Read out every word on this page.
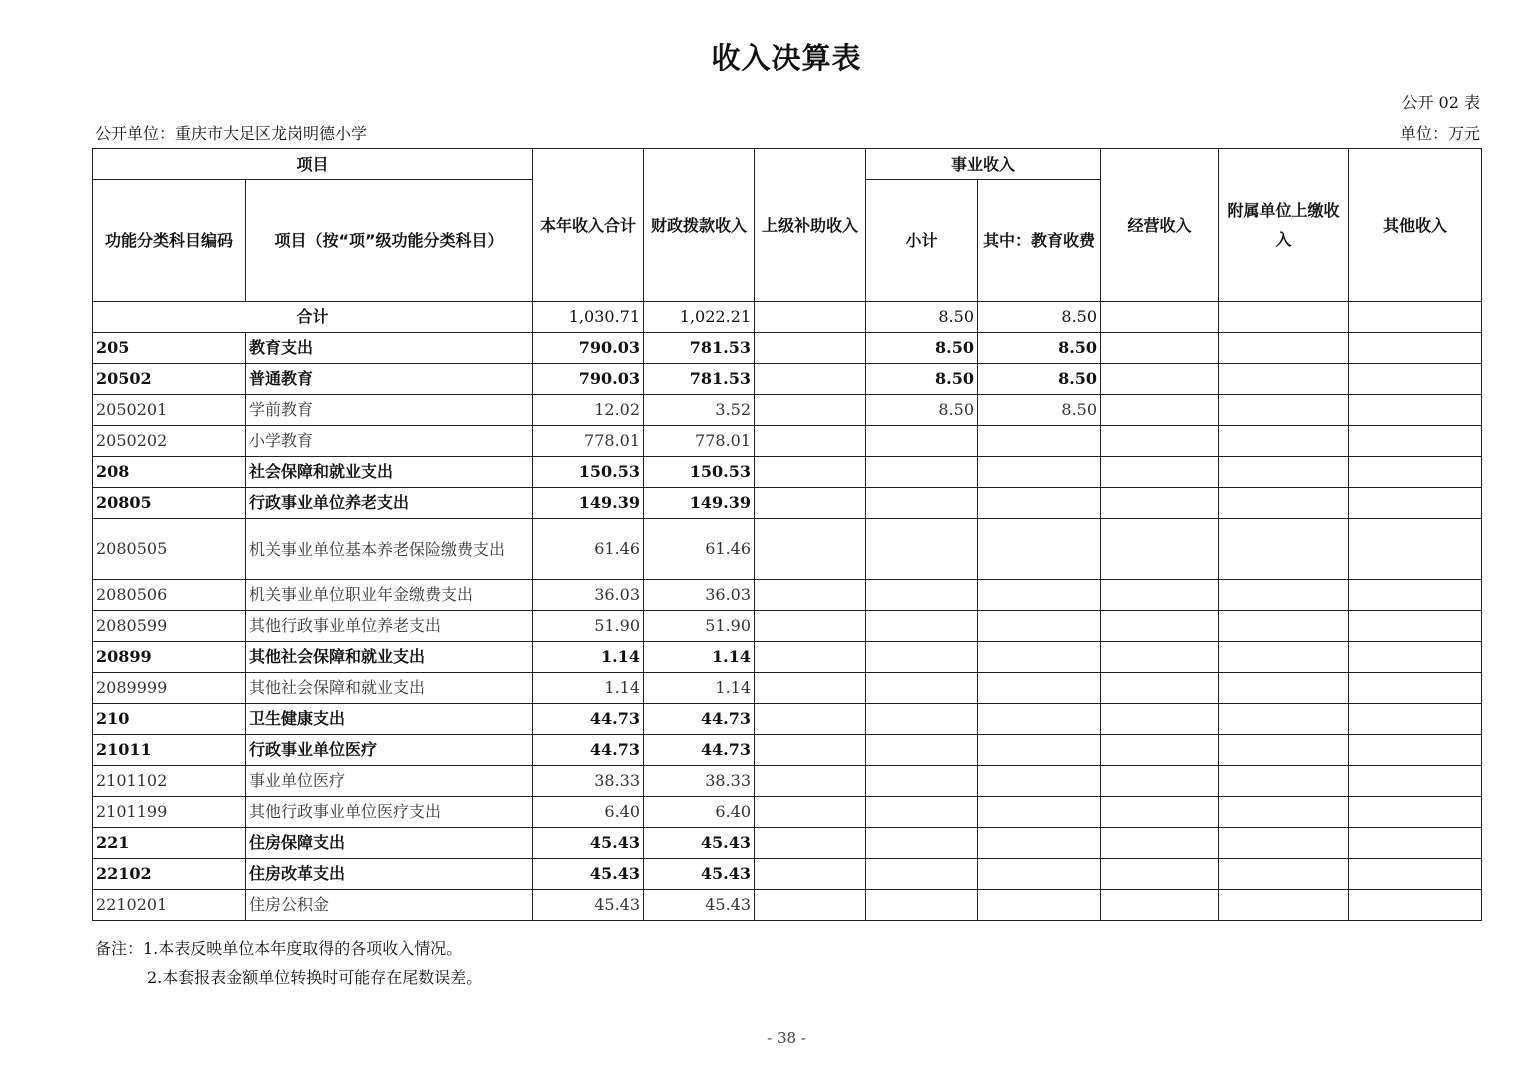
收入决算表
公开 02 表
公开单位：重庆市大足区龙岗明德小学	单位：万元
项目		本年收入合计	财政拨款收入	上级补助收入	事业收入		经营收入	附属单位上缴收入	其他收入
功能分类科目编码	项目（按“项”级功能分类科目）				小计	其中：教育收费			
合计		1,030.71	1,022.21		8.50	8.50			
205	教育支出	790.03	781.53		8.50	8.50			
20502	普通教育	790.03	781.53		8.50	8.50			
2050201	学前教育	12.02	3.52		8.50	8.50			
2050202	小学教育	778.01	778.01						
208	社会保障和就业支出	150.53	150.53						
20805	行政事业单位养老支出	149.39	149.39						
2080505	机关事业单位基本养老保险缴费支出	61.46	61.46						
2080506	机关事业单位职业年金缴费支出	36.03	36.03						
2080599	其他行政事业单位养老支出	51.90	51.90						
20899	其他社会保障和就业支出	1.14	1.14						
2089999	其他社会保障和就业支出	1.14	1.14						
210	卫生健康支出	44.73	44.73						
21011	行政事业单位医疗	44.73	44.73						
2101102	事业单位医疗	38.33	38.33						
2101199	其他行政事业单位医疗支出	6.40	6.40						
221	住房保障支出	45.43	45.43						
22102	住房改革支出	45.43	45.43						
2210201	住房公积金	45.43	45.43						
备注：1.本表反映单位本年度取得的各项收入情况。
2.本套报表金额单位转换时可能存在尾数误差。
- 38 -
